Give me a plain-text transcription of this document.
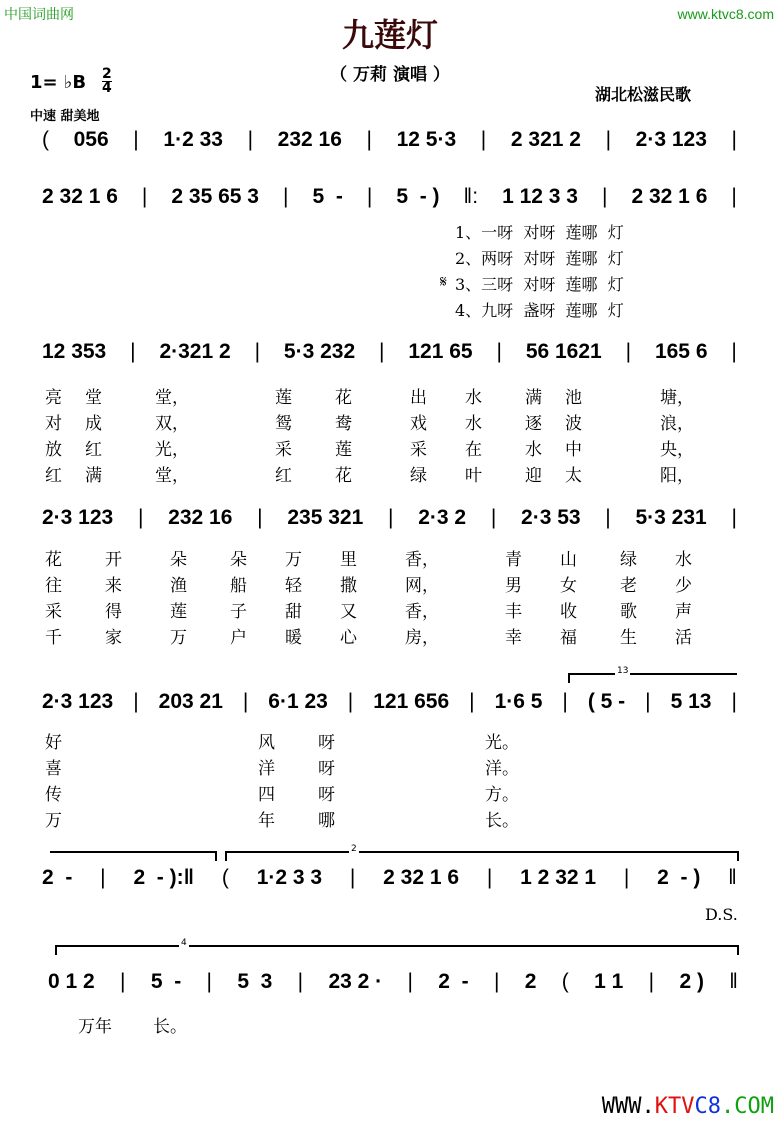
中国词曲网	www.ktvc8.com
九莲灯
（ 万莉 演唱 ）
1= ♭B 2
4	湖北松滋民歌
中速 甜美地
( 056 | 1·2 33 | 232 16 | 12 5·3 | 2 321 2 | 2·3 123 |
2 32 1 6 | 2 35 65 3 | 5  - | 5  - ) ‖: 1 12 3 3 | 2 32 1 6 |
12 353 | 2·321 2 | 5·3 232 | 121 65 | 56 1621 | 165 6 |
2·3 123 | 232 16 | 235 321 | 2·3 2 | 2·3 53 | 5·3 231 |
2·3 123 | 203 21 | 6·1 23 | 121 656 | 1·6 5 | ( 5 - | 5 13 |
2  - | 2  - ):‖ ( 1·2 3 3 | 2 32 1 6 | 1 2 32 1 | 2  - ) ‖
0 1 2 | 5  - | 5  3 | 23 2 · | 2  - | 2 ( 1 1 | 2 ) ‖
亮 堂	堂，	莲	花	出 水	满 池	塘，
对 成	双，	鸳	鸯	戏 水	逐 波	浪，
放 红	光，	采	莲	采 在	水 中	央，
红 满	堂，	红	花	绿 叶	迎 太	阳，
花	开	朵	朵 万 里	香，	青 山	绿 水
往	来	渔	船 轻 撒	网，	男 女	老 少
采	得	莲	子 甜 又	香，	丰 收	歌 声
千	家	万	户 暖 心	房，	幸 福	生 活
好	风	呀	光。
喜	洋	呀	洋。
传	四	呀	方。
万	年	哪	长。
万年 长。
1、一呀  对呀  莲哪  灯
2、两呀  对呀  莲哪  灯
𝄋 3、三呀  对呀  莲哪  灯
4、九呀  盏呀  莲哪  灯
13
2
4
D.S.
WWW.KTVC8.COM
